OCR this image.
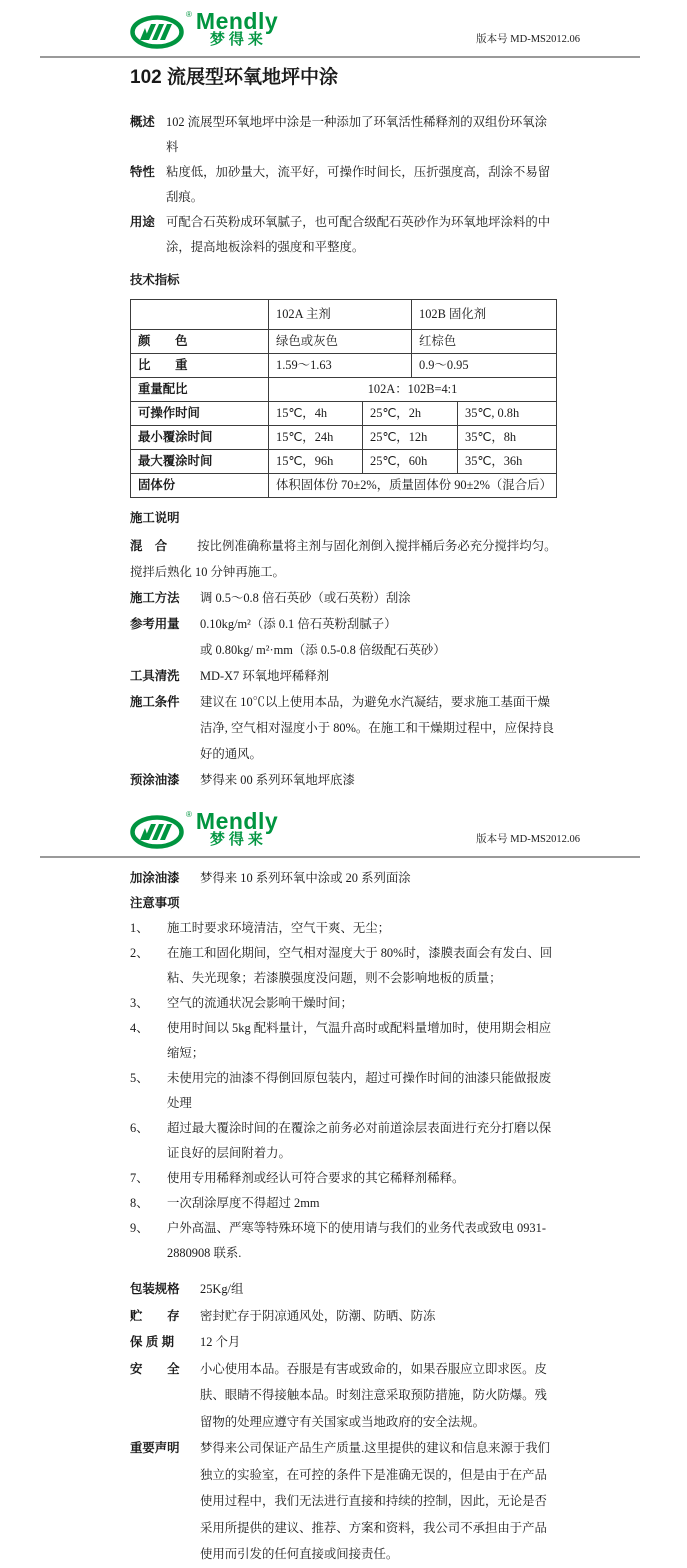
® Mendly
梦得来	版本号 MD-MS2012.06
102 流展型环氧地坪中涂
概述 102 流展型环氧地坪中涂是一种添加了环氧活性稀释剂的双组份环氧涂料
特性 粘度低，加砂量大，流平好，可操作时间长，压折强度高，刮涂不易留刮痕。
用途 可配合石英粉成环氧腻子，也可配合级配石英砂作为环氧地坪涂料的中涂，提高地板涂料的强度和平整度。
技术指标
	102A 主剂		102B 固化剂	
颜　　色	绿色或灰色		红棕色	
比　　重	1.59～1.63		0.9～0.95	
重量配比	102A：102B=4:1			
可操作时间	15℃，4h	25℃，2h		35℃, 0.8h
最小覆涂时间	15℃，24h	25℃，12h		35℃，8h
最大覆涂时间	15℃，96h	25℃，60h		35℃，36h
固体份	体积固体份 70±2%，质量固体份 90±2%（混合后）			
施工说明

混　合 按比例准确称量将主剂与固化剂倒入搅拌桶后务必充分搅拌均匀。搅拌后熟化 10 分钟再施工。

施工方法	调 0.5～0.8 倍石英砂（或石英粉）刮涂
参考用量	0.10kg/m²（添 0.1 倍石英粉刮腻子）
或 0.80kg/ m²·mm（添 0.5-0.8 倍级配石英砂）
工具清洗	MD-X7 环氧地坪稀释剂
施工条件	建议在 10℃以上使用本品，为避免水汽凝结，要求施工基面干燥洁净, 空气相对湿度小于 80%。在施工和干燥期过程中，应保持良好的通风。
预涂油漆	梦得来 00 系列环氧地坪底漆
® Mendly
梦得来	版本号 MD-MS2012.06
加涂油漆	梦得来 10 系列环氧中涂或 20 系列面涂
注意事项
1、	施工时要求环境清洁，空气干爽、无尘；
2、	在施工和固化期间，空气相对湿度大于 80%时，漆膜表面会有发白、回粘、失光现象；若漆膜强度没问题，则不会影响地板的质量；
3、	空气的流通状况会影响干燥时间；
4、	使用时间以 5kg 配料量计，气温升高时或配料量增加时，使用期会相应缩短；
5、	未使用完的油漆不得倒回原包装内，超过可操作时间的油漆只能做报废处理
6、	超过最大覆涂时间的在覆涂之前务必对前道涂层表面进行充分打磨以保证良好的层间附着力。
7、	使用专用稀释剂或经认可符合要求的其它稀释剂稀释。
8、	一次刮涂厚度不得超过 2mm
9、	户外高温、严寒等特殊环境下的使用请与我们的业务代表或致电 0931-2880908 联系.
包装规格	25Kg/组
贮　　存	密封贮存于阴凉通风处，防潮、防晒、防冻
保 质 期	12 个月
安　　全	小心使用本品。吞服是有害或致命的，如果吞服应立即求医。皮肤、眼睛不得接触本品。时刻注意采取预防措施，防火防爆。残留物的处理应遵守有关国家或当地政府的安全法规。
重要声明	梦得来公司保证产品生产质量.这里提供的建议和信息来源于我们独立的实验室，在可控的条件下是准确无误的，但是由于在产品使用过程中，我们无法进行直接和持续的控制，因此，无论是否采用所提供的建议、推荐、方案和资料，我公司不承担由于产品使用而引发的任何直接或间接责任。
